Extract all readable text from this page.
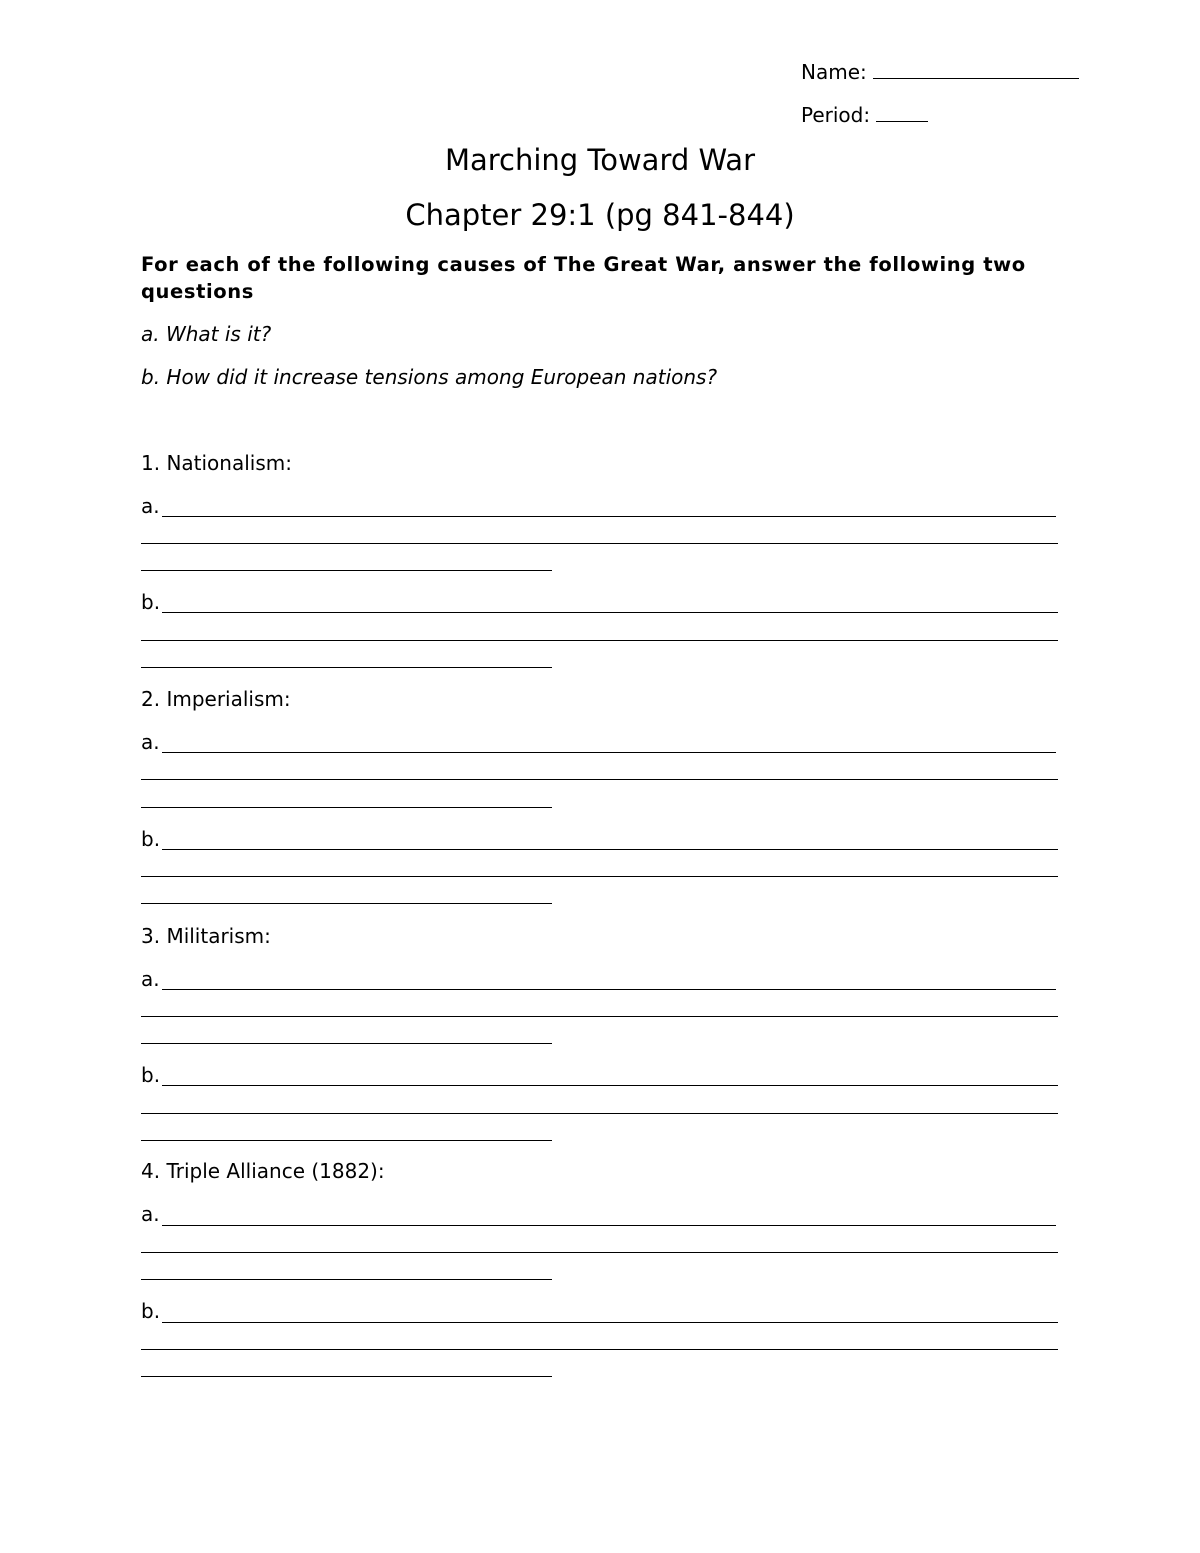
Name:
Period:
Marching Toward War
Chapter 29:1 (pg 841-844)
For each of the following causes of The Great War, answer the following two questions
a. What is it?
b. How did it increase tensions among European nations?
1. Nationalism:
a.
b.
2. Imperialism:
a.
b.
3. Militarism:
a.
b.
4. Triple Alliance (1882):
a.
b.
